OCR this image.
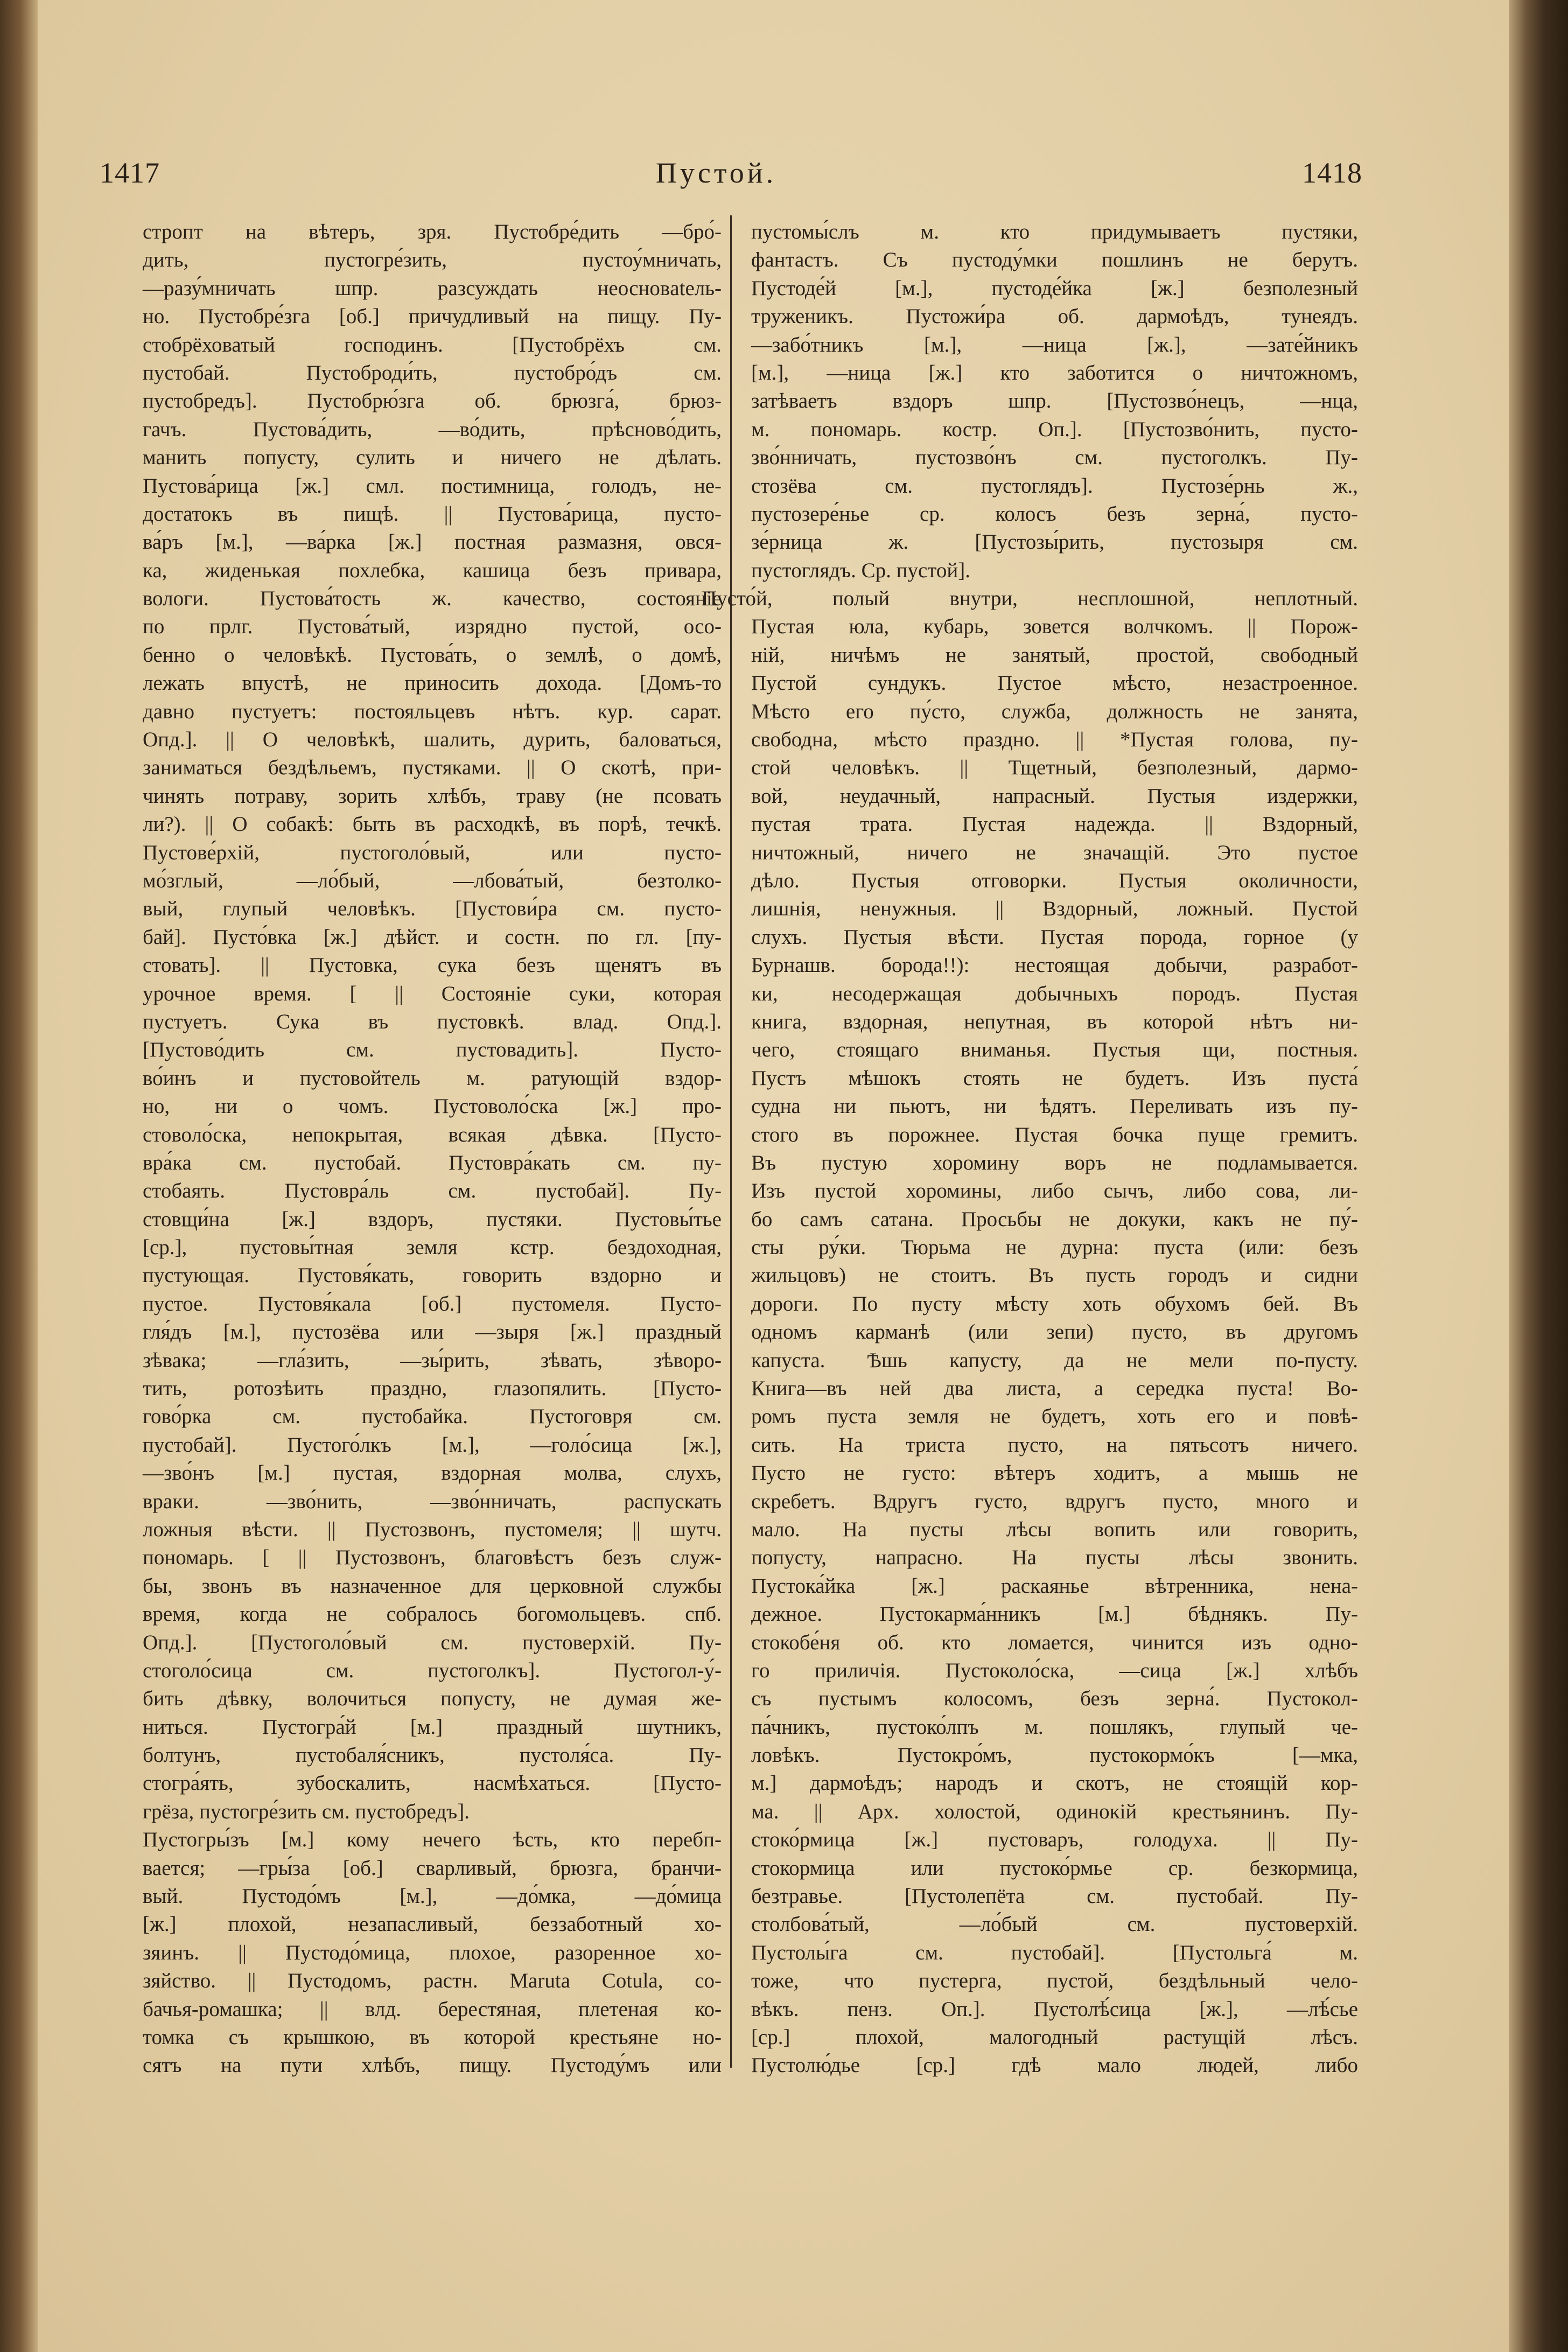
1417	Пустой.	1418
стропт на вѣтеръ, зря. Пустобре́дить —бро́-
дить, пустогре́зить, пустоу́мничать,
—разу́мничать шпр. разсуждать неосновatель-
но. Пустобре́зга [об.] причудливый на пищу. Пу-
стобрёховатый господинъ. [Пустобрёхъ см.
пустобай. Пустоброди́ть, пустобро́дъ см.
пустобредъ]. Пустобрю́зга об. брюзга́, брюз-
гачъ. Пустова́дить, —во́дить, прѣсново́дить,
манить попусту, сулить и ничего не дѣлать.
Пустова́рица [ж.] смл. постимница, голодъ, не-
достатокъ въ пищѣ. || Пустова́рица, пусто-
ва́ръ [м.], —ва́рка [ж.] постная размазня, овся-
ка, жиденькая похлебка, кашица безъ привара,
вологи. Пустова́тость ж. качество, состояніе
по прлг. Пустова́тый, изрядно пустой, осо-
бенно о человѣкѣ. Пустова́ть, о землѣ, о домѣ,
лежать впустѣ, не приносить дохода. [Домъ-то
давно пустуетъ: постояльцевъ нѣтъ. кур. сарат.
Опд.]. || О человѣкѣ, шалить, дурить, баловаться,
заниматься бездѣльемъ, пустяками. || О скотѣ, при-
чинять потраву, зорить хлѣбъ, траву (не псовать
ли?). || О собакѣ: быть въ расходкѣ, въ порѣ, течкѣ.
Пустове́рхій, пустоголо́вый, или пусто-
мо́зглый, —ло́бый, —лбова́тый, безтолко-
вый, глупый человѣкъ. [Пустови́ра см. пусто-
бай]. Пусто́вка [ж.] дѣйст. и состн. по гл. [пу-
стовать]. || Пустовка, сука безъ щенятъ въ
урочное время. [ || Состояніе суки, которая
пустуетъ. Сука въ пустовкѣ. влад. Опд.].
[Пустово́дить см. пустовадить]. Пусто-
во́инъ и пустовойтель м. ратующій вздор-
но, ни о чомъ. Пустоволо́ска [ж.] про-
стоволо́ска, непокрытая, всякая дѣвка. [Пусто-
вра́ка см. пустобай. Пустовра́кать см. пу-
стобаять. Пустовра́ль см. пустобай]. Пу-
стовщи́на [ж.] вздоръ, пустяки. Пустовы́тье
[ср.], пустовы́тная земля кстр. бездоходная,
пустующая. Пустовя́кать, говорить вздорно и
пустое. Пустовя́кала [об.] пустомеля. Пусто-
гля́дъ [м.], пустозёва или —зыря [ж.] праздный
зѣвака; —гла́зить, —зы́рить, зѣвать, зѣворо-
тить, ротозѣить праздно, глазопялить. [Пусто-
гово́рка см. пустобайка. Пустоговря см.
пустобай]. Пустого́лкъ [м.], —голо́сица [ж.],
—зво́нъ [м.] пустая, вздорная молва, слухъ,
враки. —зво́нить, —зво́нничать, распускать
ложныя вѣсти. || Пустозвонъ, пустомеля; || шутч.
пономарь. [ || Пустозвонъ, благовѣстъ безъ служ-
бы, звонъ въ назначенное для церковной службы
время, когда не собралось богомольцевъ. спб.
Опд.]. [Пустоголо́вый см. пустоверхій. Пу-
стоголо́сица см. пустоголкъ]. Пустогол-у́-
бить дѣвку, волочиться попусту, не думая же-
ниться. Пустогра́й [м.] праздный шутникъ,
болтунъ, пустобаля́сникъ, пустоля́са. Пу-
стогра́ять, зубоскалить, насмѣхаться. [Пусто-
грёза, пустогре́зить см. пустобредъ].
Пустогры́зъ [м.] кому нечего ѣсть, кто перебп-
вается; —гры́за [об.] сварливый, брюзга, бранчи-
вый. Пустодо́мъ [м.], —до́мка, —до́мица
[ж.] плохой, незапасливый, беззаботный хо-
зяинъ. || Пустодо́мица, плохое, разоренное хо-
зяйство. || Пустодомъ, растн. Maruta Cotula, со-
бачья-ромашка; || влд. берестяная, плетеная ко-
томка съ крышкою, въ которой крестьяне но-
сятъ на пути хлѣбъ, пищу. Пустоду́мъ или
пустомы́слъ м. кто придумываетъ пустяки,
фантастъ. Съ пустоду́мки пошлинъ не берутъ.
Пустоде́й [м.], пустоде́йка [ж.] безполезный
труженикъ. Пустожи́ра об. дармоѣдъ, тунеядъ.
—забо́тникъ [м.], —ница [ж.], —зате́йникъ
[м.], —ница [ж.] кто заботится о ничтожномъ,
затѣваетъ вздоръ шпр. [Пустозво́нецъ, —нца,
м. пономарь. костр. Оп.]. [Пустозво́нить, пусто-
зво́нничать, пустозво́нъ см. пустоголкъ. Пу-
стозёва см. пустоглядъ]. Пустозе́рнь ж.,
пустозере́нье ср. колосъ безъ зерна́, пусто-
зе́рница ж. [Пустозы́рить, пустозыря см.
пустоглядъ. Ср. пустой].
Пусто́й, полый внутри, несплошной, неплотный.
Пустая юла, кубарь, зовется волчкомъ. || Порож-
ній, ничѣмъ не занятый, простой, свободный
Пустой сундукъ. Пустое мѣсто, незастроенное.
Мѣсто его пу́сто, служба, должность не занята,
свободна, мѣсто праздно. || *Пустая голова, пу-
стой человѣкъ. || Тщетный, безполезный, дармо-
вой, неудачный, напрасный. Пустыя издержки,
пустая трата. Пустая надежда. || Вздорный,
ничтожный, ничего не значащій. Это пустое
дѣло. Пустыя отговорки. Пустыя околичности,
лишнія, ненужныя. || Вздорный, ложный. Пустой
слухъ. Пустыя вѣсти. Пустая порода, горное (у
Бурнашв. борода!!): нестоящая добычи, разработ-
ки, несодержащая добычныхъ породъ. Пустая
книга, вздорная, непутная, въ которой нѣтъ ни-
чего, стоящаго вниманья. Пустыя щи, постныя.
Пустъ мѣшокъ стоять не будетъ. Изъ пуста́
судна ни пьютъ, ни ѣдятъ. Переливать изъ пу-
стого въ порожнее. Пустая бочка пуще гремитъ.
Въ пустую хоромину воръ не подламывается.
Изъ пустой хоромины, либо сычъ, либо сова, ли-
бо самъ сатана. Просьбы не докуки, какъ не пу́-
сты ру́ки. Тюрьма не дурна: пуста (или: безъ
жильцовъ) не стоитъ. Въ пусть городъ и сидни
дороги. По пусту мѣсту хоть обухомъ бей. Въ
одномъ карманѣ (или зепи) пусто, въ другомъ
капуста. Ѣшь капусту, да не мели по-пусту.
Книга—въ ней два листа, а середка пуста! Во-
ромъ пуста земля не будетъ, хоть его и повѣ-
сить. На триста пусто, на пятьсотъ ничего.
Пусто не густо: вѣтеръ ходитъ, а мышь не
скребетъ. Вдругъ густо, вдругъ пусто, много и
мало. На пусты лѣсы вопить или говорить,
попусту, напрасно. На пусты лѣсы звонить.
Пустока́йка [ж.] раскаянье вѣтренника, нена-
дежное. Пустокарма́нникъ [м.] бѣднякъ. Пу-
стокобе́ня об. кто ломается, чинится изъ одно-
го приличія. Пустоколо́ска, —сица [ж.] хлѣбъ
съ пустымъ колосомъ, безъ зерна́. Пустокол-
па́чникъ, пустоко́лпъ м. пошлякъ, глупый че-
ловѣкъ. Пустокро́мъ, пустокормо́къ [—мка,
м.] дармоѣдъ; народъ и скотъ, не стоящій кор-
ма. || Арх. холостой, одинокій крестьянинъ. Пу-
стоко́рмица [ж.] пустоваръ, голодуха. || Пу-
стокормица или пустоко́рмье ср. безкормица,
безтравье. [Пустолепёта см. пустобай. Пу-
столбова́тый, —ло́бый см. пустоверхій.
Пустолы́га см. пустобай]. [Пустольга́ м.
тоже, что пустерга, пустой, бездѣльный чело-
вѣкъ. пенз. Оп.]. Пустолѣ́сица [ж.], —лѣ́сье
[ср.] плохой, малогодный растущій лѣсъ.
Пустолю́дье [ср.] гдѣ мало людей, либо
